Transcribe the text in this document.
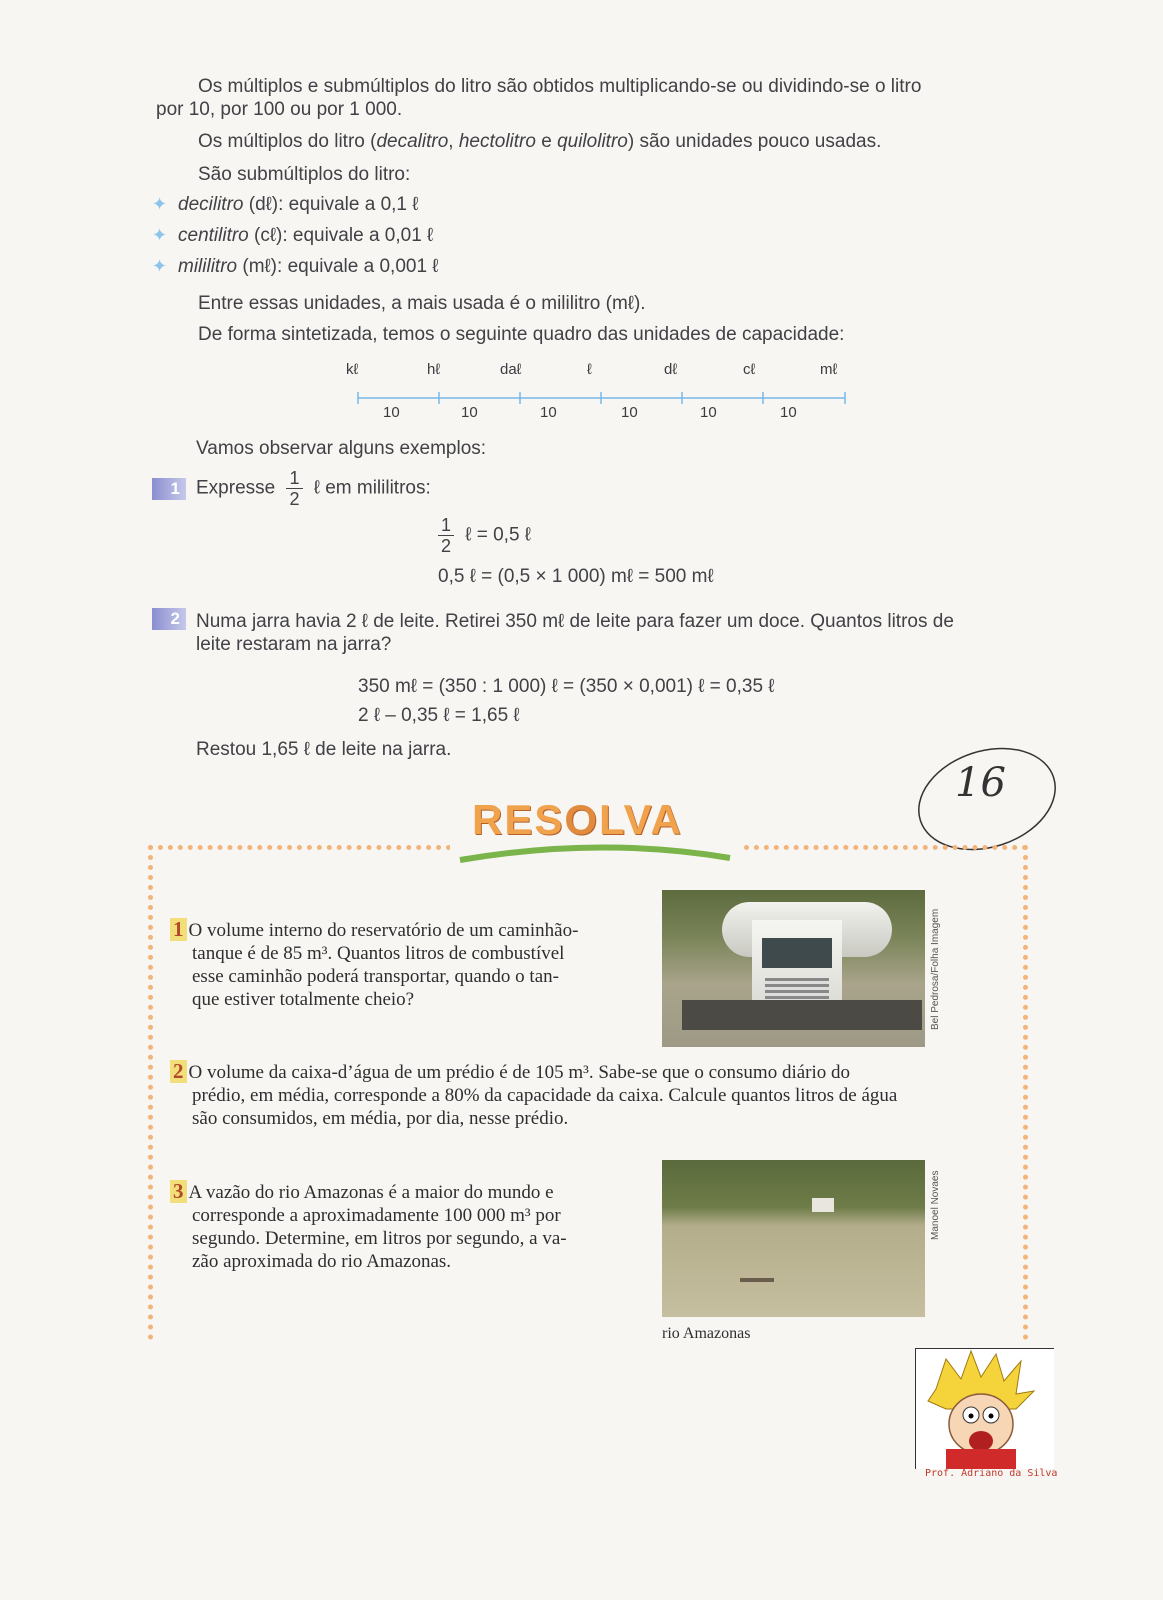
Os múltiplos e submúltiplos do litro são obtidos multiplicando-se ou dividindo-se o litro
por 10, por 100 ou por 1 000.
Os múltiplos do litro (decalitro, hectolitro e quilolitro) são unidades pouco usadas.
São submúltiplos do litro:
✦ decilitro (dℓ): equivale a 0,1 ℓ
✦ centilitro (cℓ): equivale a 0,01 ℓ
✦ mililitro (mℓ): equivale a 0,001 ℓ
Entre essas unidades, a mais usada é o mililitro (mℓ).
De forma sintetizada, temos o seguinte quadro das unidades de capacidade:
kℓ	hℓ	daℓ	ℓ	dℓ	cℓ	mℓ
10	10	10	10	10	10
Vamos observar alguns exemplos:
1 Expresse $\frac{1}{2}$ ℓ em mililitros:
$\frac{1}{2}$ ℓ = 0,5 ℓ
0,5 ℓ = (0,5 × 1 000) mℓ = 500 mℓ
2 Numa jarra havia 2 ℓ de leite. Retirei 350 mℓ de leite para fazer um doce. Quantos litros de
leite restaram na jarra?
350 mℓ = (350 : 1 000) ℓ = (350 × 0,001) ℓ = 0,35 ℓ
2 ℓ – 0,35 ℓ = 1,65 ℓ
Restou 1,65 ℓ de leite na jarra.
16
RESOLVA
1 O volume interno do reservatório de um caminhão-
tanque é de 85 m³. Quantos litros de combustível
esse caminhão poderá transportar, quando o tan-
que estiver totalmente cheio?	Bel Pedrosa/Folha Imagem
2 O volume da caixa-d’água de um prédio é de 105 m³. Sabe-se que o consumo diário do
prédio, em média, corresponde a 80% da capacidade da caixa. Calcule quantos litros de água
são consumidos, em média, por dia, nesse prédio.
3 A vazão do rio Amazonas é a maior do mundo e
corresponde a aproximadamente 100 000 m³ por
segundo. Determine, em litros por segundo, a va-
zão aproximada do rio Amazonas.
Manoel Novaes
rio Amazonas
Prof. Adriano da Silva
